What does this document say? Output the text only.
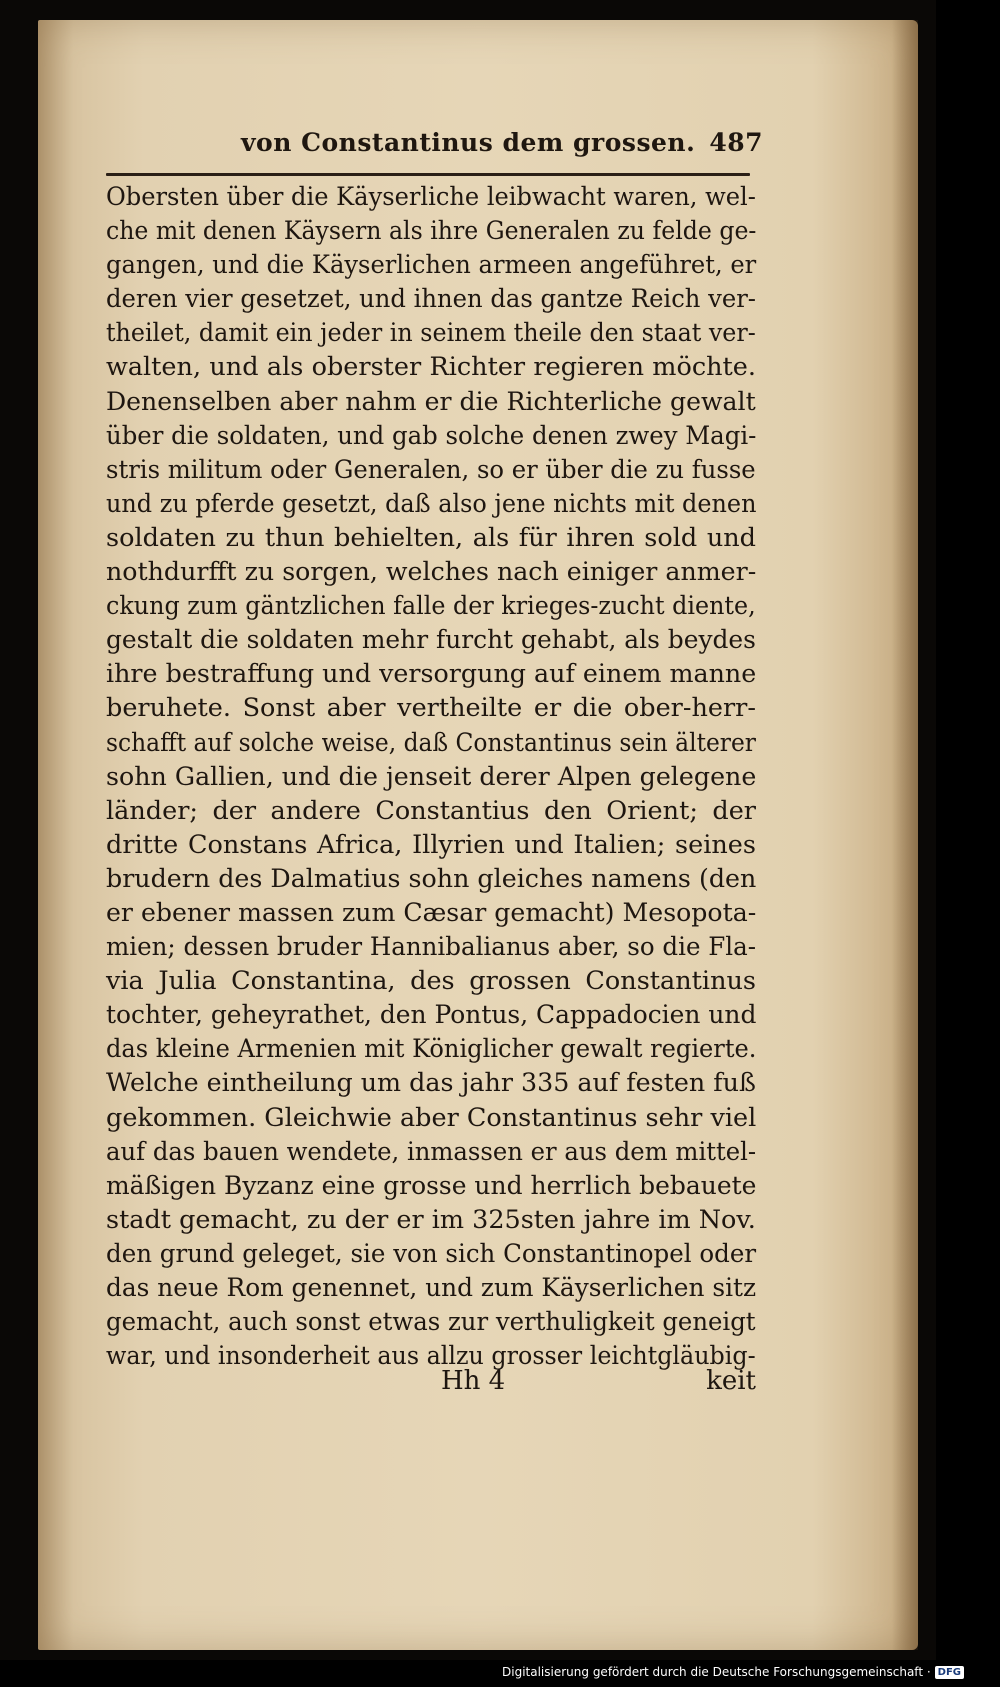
von Constantinus dem grossen. 487
Obersten über die Käyserliche leibwacht waren, wel-
che mit denen Käysern als ihre Generalen zu felde ge-
gangen, und die Käyserlichen armeen angeführet, er
deren vier gesetzet, und ihnen das gantze Reich ver-
theilet, damit ein jeder in seinem theile den staat ver-
walten, und als oberster Richter regieren möchte.
Denenselben aber nahm er die Richterliche gewalt
über die soldaten, und gab solche denen zwey Magi-
stris militum oder Generalen, so er über die zu fusse
und zu pferde gesetzt, daß also jene nichts mit denen
soldaten zu thun behielten, als für ihren sold und
nothdurfft zu sorgen, welches nach einiger anmer-
ckung zum gäntzlichen falle der krieges-zucht diente,
gestalt die soldaten mehr furcht gehabt, als beydes
ihre bestraffung und versorgung auf einem manne
beruhete. Sonst aber vertheilte er die ober-herr-
schafft auf solche weise, daß Constantinus sein älterer
sohn Gallien, und die jenseit derer Alpen gelegene
länder; der andere Constantius den Orient; der
dritte Constans Africa, Illyrien und Italien; seines
brudern des Dalmatius sohn gleiches namens (den
er ebener massen zum Cæsar gemacht) Mesopota-
mien; dessen bruder Hannibalianus aber, so die Fla-
via Julia Constantina, des grossen Constantinus
tochter, geheyrathet, den Pontus, Cappadocien und
das kleine Armenien mit Königlicher gewalt regierte.
Welche eintheilung um das jahr 335 auf festen fuß
gekommen. Gleichwie aber Constantinus sehr viel
auf das bauen wendete, inmassen er aus dem mittel-
mäßigen Byzanz eine grosse und herrlich bebauete
stadt gemacht, zu der er im 325sten jahre im Nov.
den grund geleget, sie von sich Constantinopel oder
das neue Rom genennet, und zum Käyserlichen sitz
gemacht, auch sonst etwas zur verthuligkeit geneigt
war, und insonderheit aus allzu grosser leichtgläubig-
Hh 4	keit
Digitalisierung gefördert durch die Deutsche Forschungsgemeinschaft · DFG
